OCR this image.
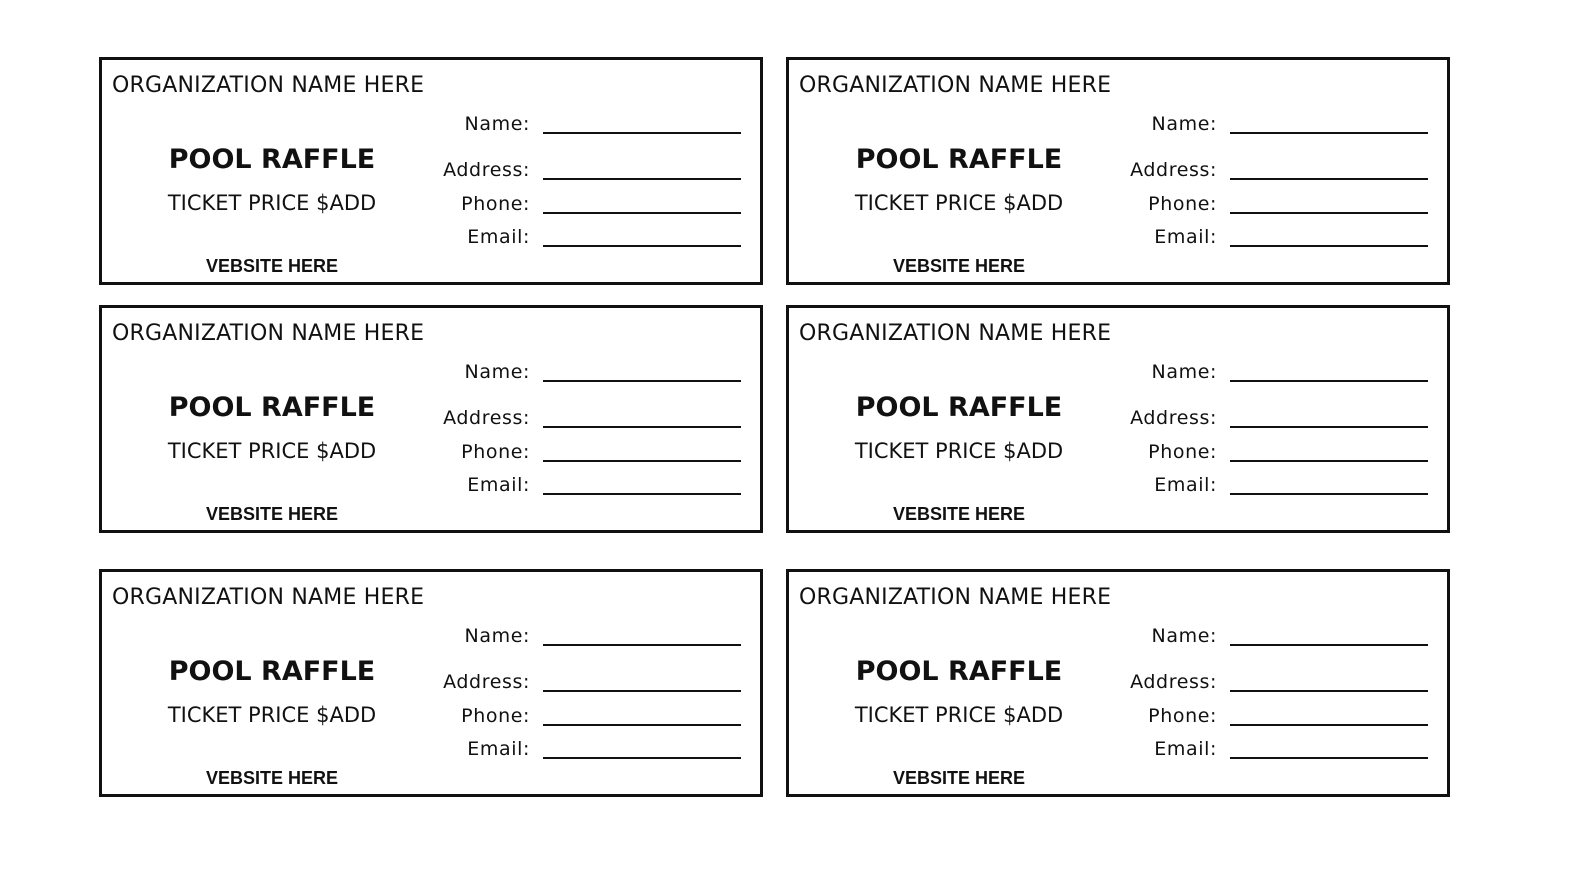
ORGANIZATION NAME HERE
POOL RAFFLE
TICKET PRICE $ADD
VEBSITE HERE
Name:
Address:
Phone:
Email:
ORGANIZATION NAME HERE
POOL RAFFLE
TICKET PRICE $ADD
VEBSITE HERE
Name:
Address:
Phone:
Email:
ORGANIZATION NAME HERE
POOL RAFFLE
TICKET PRICE $ADD
VEBSITE HERE
Name:
Address:
Phone:
Email:
ORGANIZATION NAME HERE
POOL RAFFLE
TICKET PRICE $ADD
VEBSITE HERE
Name:
Address:
Phone:
Email:
ORGANIZATION NAME HERE
POOL RAFFLE
TICKET PRICE $ADD
VEBSITE HERE
Name:
Address:
Phone:
Email:
ORGANIZATION NAME HERE
POOL RAFFLE
TICKET PRICE $ADD
VEBSITE HERE
Name:
Address:
Phone:
Email:
